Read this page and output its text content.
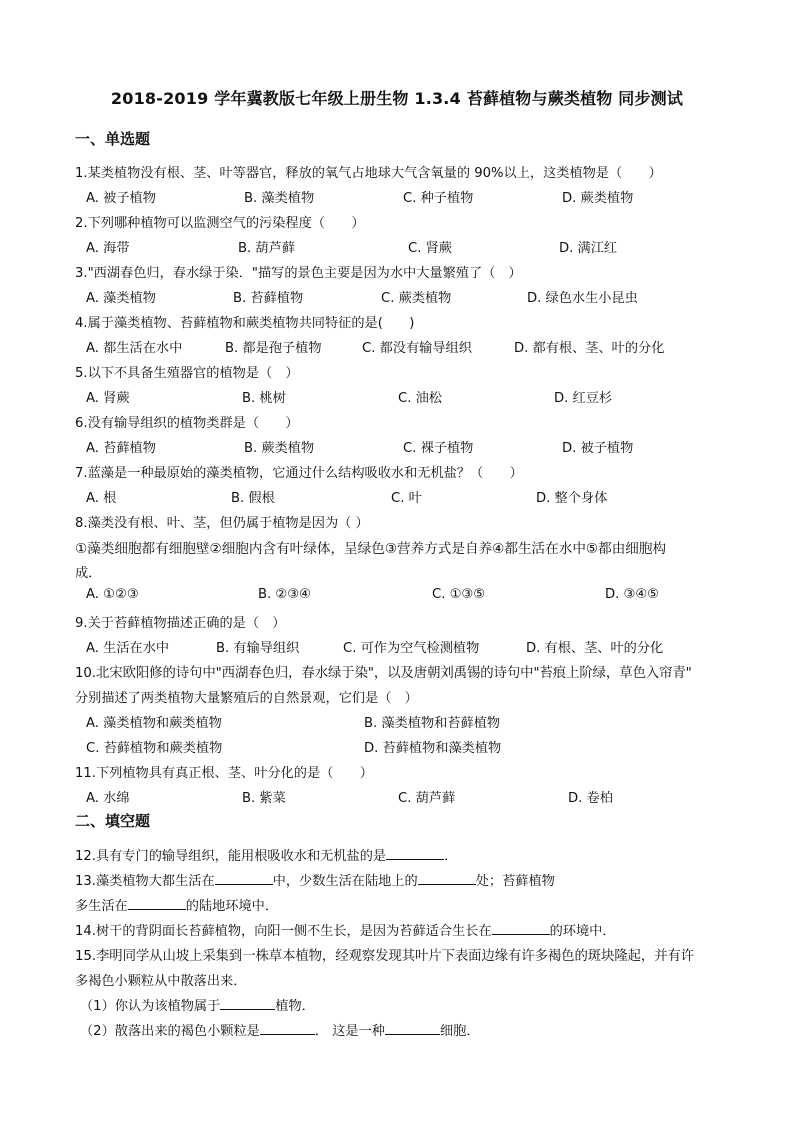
2018-2019 学年冀教版七年级上册生物 1.3.4 苔藓植物与蕨类植物 同步测试
一、单选题
1.某类植物没有根、茎、叶等器官，释放的氧气占地球大气含氧量的 90%以上，这类植物是（　　）
A. 被子植物	B. 藻类植物	C. 种子植物	D. 蕨类植物
2.下列哪种植物可以监测空气的污染程度（　　）
A. 海带	B. 葫芦藓	C. 肾蕨	D. 满江红
3."西湖春色归，春水绿于染．"描写的景色主要是因为水中大量繁殖了（　）
A. 藻类植物	B. 苔藓植物	C. 蕨类植物	D. 绿色水生小昆虫
4.属于藻类植物、苔藓植物和蕨类植物共同特征的是(　　)
A. 都生活在水中	B. 都是孢子植物	C. 都没有输导组织	D. 都有根、茎、叶的分化
5.以下不具备生殖器官的植物是（　）
A. 肾蕨	B. 桃树	C. 油松	D. 红豆杉
6.没有输导组织的植物类群是（　　）
A. 苔藓植物	B. 蕨类植物	C. 裸子植物	D. 被子植物
7.蓝藻是一种最原始的藻类植物，它通过什么结构吸收水和无机盐？（　　）
A. 根	B. 假根	C. 叶	D. 整个身体
8.藻类没有根、叶、茎，但仍属于植物是因为（ ）
①藻类细胞都有细胞壁②细胞内含有叶绿体，呈绿色③营养方式是自养④都生活在水中⑤都由细胞构
成．
A. ①②③	B. ②③④	C. ①③⑤	D. ③④⑤
9.关于苔藓植物描述正确的是（　）
A. 生活在水中	B. 有输导组织	C. 可作为空气检测植物	D. 有根、茎、叶的分化
10.北宋欧阳修的诗句中"西湖春色归，春水绿于染"，以及唐朝刘禹锡的诗句中"苔痕上阶绿，草色入帘青"
分别描述了两类植物大量繁殖后的自然景观，它们是（　）
A. 藻类植物和蕨类植物	B. 藻类植物和苔藓植物
C. 苔藓植物和蕨类植物	D. 苔藓植物和藻类植物
11.下列植物具有真正根、茎、叶分化的是（　　）
A. 水绵	B. 紫菜	C. 葫芦藓	D. 卷柏
二、填空题
12.具有专门的输导组织，能用根吸收水和无机盐的是	．
13.藻类植物大都生活在	中，少数生活在陆地上的	处；苔藓植物
多生活在	的陆地环境中．
14.树干的背阴面长苔藓植物，向阳一侧不生长，是因为苔藓适合生长在	的环境中．
15.李明同学从山坡上采集到一株草本植物，经观察发现其叶片下表面边缘有许多褐色的斑块隆起，并有许
多褐色小颗粒从中散落出来．
（1）你认为该植物属于	植物．
（2）散落出来的褐色小颗粒是	． 这是一种	细胞．
